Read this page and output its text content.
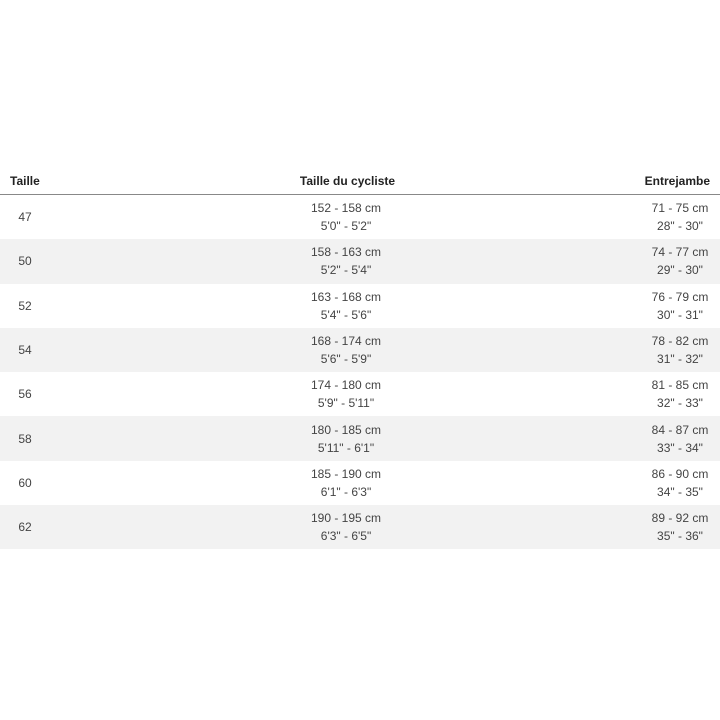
Taille	Taille du cycliste	Entrejambe
47
152 - 158 cm
5'0" - 5'2"
71 - 75 cm
28" - 30"
50
158 - 163 cm
5'2" - 5'4"
74 - 77 cm
29" - 30"
52
163 - 168 cm
5'4" - 5'6"
76 - 79 cm
30" - 31"
54
168 - 174 cm
5'6" - 5'9"
78 - 82 cm
31" - 32"
56
174 - 180 cm
5'9" - 5'11"
81 - 85 cm
32" - 33"
58
180 - 185 cm
5'11" - 6'1"
84 - 87 cm
33" - 34"
60
185 - 190 cm
6'1" - 6'3"
86 - 90 cm
34" - 35"
62
190 - 195 cm
6'3" - 6'5"
89 - 92 cm
35" - 36"
